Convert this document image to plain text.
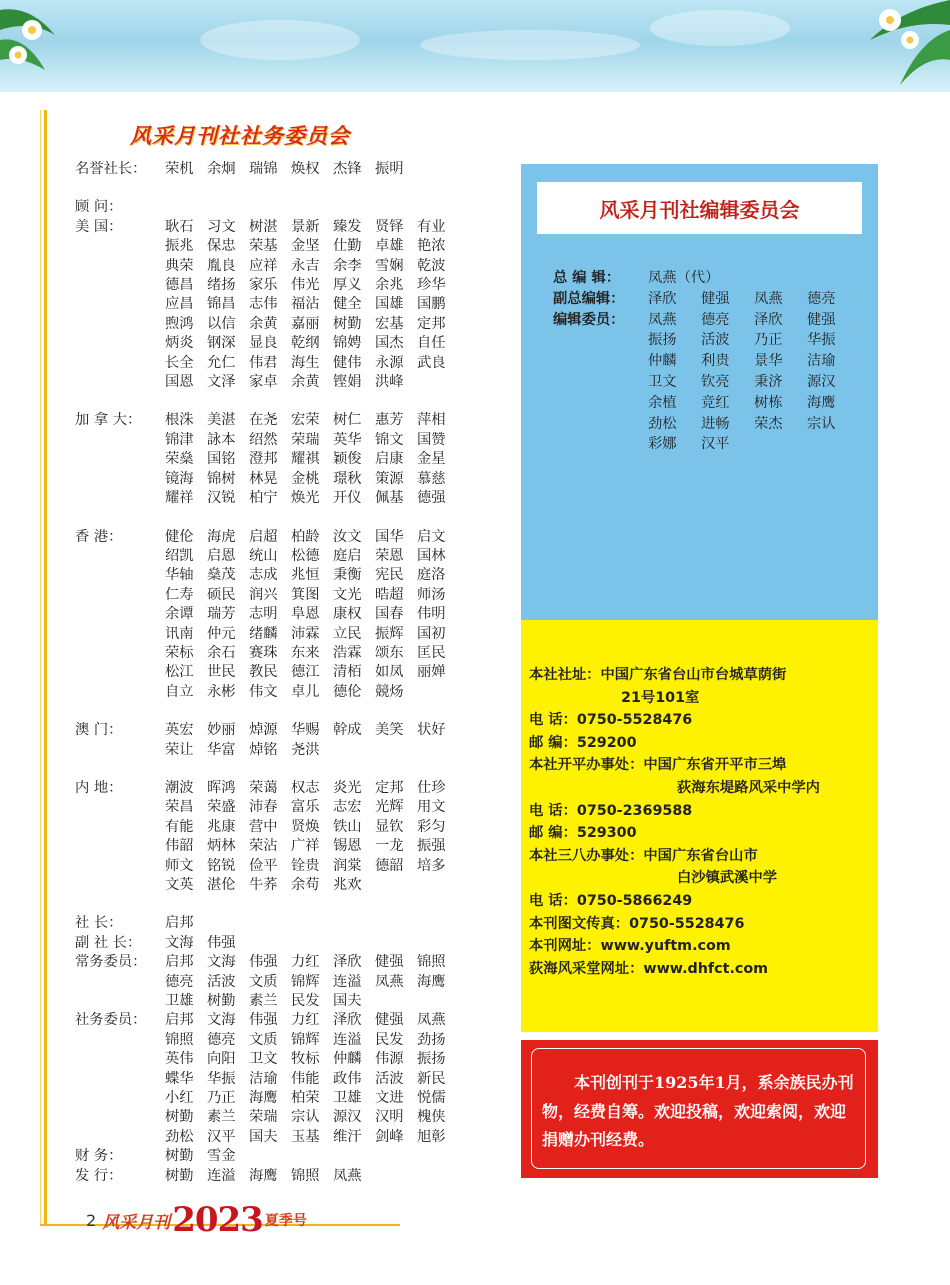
风采月刊社社务委员会
名誉社长：	荣机 余炯 瑞锦 焕权 杰锋 振明
顾 问：
美 国：	耿石 习文 树湛 景新 臻发 贤铎 有业
振兆 保忠 荣基 金坚 仕勤 卓雄 艳浓
典荣 胤良 应祥 永吉 余李 雪娴 乾波
德昌 绪扬 家乐 伟光 厚义 余兆 珍华
应昌 锦昌 志伟 福沾 健全 国雄 国鹏
煦鸿 以信 余黄 嘉丽 树勤 宏基 定邦
炳炎 钢深 显良 乾纲 锦娉 国杰 自任
长全 允仁 伟君 海生 健伟 永源 武良
国恩 文泽 家卓 余黄 铿娟 洪峰
加 拿 大：	根洙 美湛 在尧 宏荣 树仁 惠芳 萍相
锦津 詠本 绍然 荣瑞 英华 锦文 国赞
荣燊 国铭 澄邦 耀祺 颖俊 启康 金星
镜海 锦树 林晃 金桃 璟秋 策源 慕慈
耀祥 汉锐 柏宁 焕光 开仪 佩基 德强
香 港：	健伦 海虎 启超 柏龄 汝文 国华 启文
绍凯 启恩 统山 松德 庭启 荣恩 国林
华轴 燊茂 志成 兆恒 秉衡 宪民 庭洛
仁寿 硕民 润兴 箕图 文光 晧超 师汤
余谭 瑞芳 志明 阜恩 康权 国春 伟明
讯南 仲元 绪麟 沛霖 立民 振辉 国初
荣标 余石 赛珠 东来 浩霖 颂东 匡民
松江 世民 教民 德江 清栢 如凤 丽婵
自立 永彬 伟文 卓儿 德伦 競炀
澳 门：	英宏 妙丽 焯源 华赐 幹成 美笑 状好
荣让 华富 焯铭 尧洪
内 地：	潮波 晖鸿 荣蔼 权志 炎光 定邦 仕珍
荣昌 荣盛 沛春 富乐 志宏 光辉 用文
有能 兆康 营中 贤焕 铁山 显钦 彩匀
伟韶 炳林 荣沾 广祥 锡恩 一龙 振强
师文 铭锐 俭平 铨贵 润棠 德韶 培多
文英 湛伦 牛荞 余苟 兆欢
社 长：	启邦
副 社 长：	文海 伟强
常务委员：	启邦 文海 伟强 力红 泽欣 健强 锦照
德亮 活波 文质 锦辉 连溢 凤燕 海鹰
卫雄 树勤 素兰 民发 国夫
社务委员：	启邦 文海 伟强 力红 泽欣 健强 凤燕
锦照 德亮 文质 锦辉 连溢 民发 劲扬
英伟 向阳 卫文 牧标 仲麟 伟源 振扬
蝶华 华振 洁瑜 伟能 政伟 活波 新民
小红 乃正 海鹰 柏荣 卫雄 文进 悦儒
树勤 素兰 荣瑞 宗认 源汉 汉明 槐侠
劲松 汉平 国夫 玉基 维汗 剑峰 旭彰
财 务：	树勤 雪金
发 行：	树勤 连溢 海鹰 锦照 凤燕
风采月刊社编辑委员会
总 编 辑：	凤燕（代）
副总编辑：	泽欣	健强	凤燕	德亮
编辑委员：	凤燕	德亮	泽欣	健强
振扬	活波	乃正	华振
仲麟	利贵	景华	洁瑜
卫文	钦亮	秉济	源汉
余植	竞红	树栋	海鹰
劲松	进畅	荣杰	宗认
彩娜	汉平
本社社址：中国广东省台山市台城草荫街
21号101室
电 话：0750-5528476
邮 编：529200
本社开平办事处：中国广东省开平市三埠
荻海东堤路风采中学内
电 话：0750-2369588
邮 编：529300
本社三八办事处：中国广东省台山市
白沙镇武溪中学
电 话：0750-5866249
本刊图文传真：0750-5528476
本刊网址：www.yuftm.com
荻海风采堂网址：www.dhfct.com
本刊创刊于1925年1月，系余族民办刊物，经费自筹。欢迎投稿，欢迎索阅，欢迎捐赠办刊经费。
2 风采月刊 2023 夏季号
